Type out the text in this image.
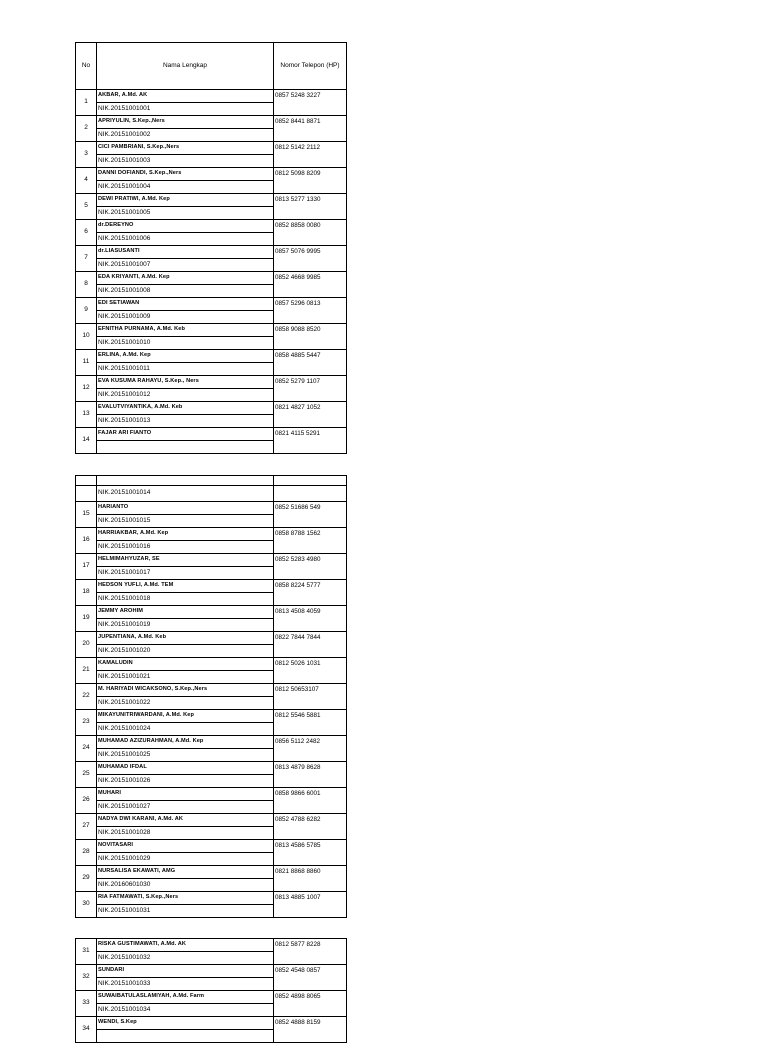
No	Nama Lengkap	Nomor Telepon (HP)
1	AKBAR, A.Md. AK	0857 5248 3227
	NIK.20151001001	
2	APRIYULIN, S.Kep.,Ners	0852 8441 8871
	NIK.20151001002	
3	CICI PAMBRIANI, S.Kep.,Ners	0812 5142 2112
	NIK.20151001003	
4	DANNI DOFIANDI, S.Kep.,Ners	0812 5098 8209
	NIK.20151001004	
5	DEWI PRATIWI, A.Md. Kep	0813 5277 1330
	NIK.20151001005	
6	dr.DEREYNO	0852 8858 0080
	NIK.20151001006	
7	dr.LIASUSANTI	0857 5076 9995
	NIK.20151001007	
8	EDA KRIYANTI, A.Md. Kep	0852 4668 9985
	NIK.20151001008	
9	EDI SETIAWAN	0857 5296 0813
	NIK.20151001009	
10	EFNITHA PURNAMA, A.Md. Keb	0858 9088 8520
	NIK.20151001010	
11	ERLINA, A.Md. Kep	0858 4885 5447
	NIK.20151001011	
12	EVA KUSUMA RAHAYU, S.Kep., Ners	0852 5279 1107
	NIK.20151001012	
13	EVALUTVIYANTIKA, A.Md. Keb	0821 4827 1052
	NIK.20151001013	
14	FAJAR ARI FIANTO	0821 4115 5291

	NIK.20151001014	
15	HARIANTO	0852 51686 549
	NIK.20151001015	
16	HARRIAKBAR, A.Md. Kep	0858 8788 1562
	NIK.20151001016	
17	HELMIMAHYUZAR, SE	0852 5283 4980
	NIK.20151001017	
18	HEDSON YUFLI, A.Md. TEM	0858 8224 5777
	NIK.20151001018	
19	JEMMY AROHIM	0813 4508 4059
	NIK.20151001019	
20	JUPENTIANA, A.Md. Keb	0822 7844 7844
	NIK.20151001020	
21	KAMALUDIN	0812 5026 1031
	NIK.20151001021	
22	M. HARIYADI WICAKSONO, S.Kep.,Ners	0812 50653107
	NIK.20151001022	
23	MIKAYUNITRIWARDANI, A.Md. Kep	0812 5546 5881
	NIK.20151001024	
24	MUHAMAD AZIZURAHMAN, A.Md. Kep	0856 5112 2482
	NIK.20151001025	
25	MUHAMAD IFDAL	0813 4879 8628
	NIK.20151001026	
26	MUHARI	0858 9866 6001
	NIK.20151001027	
27	NADYA DWI KARANI, A.Md. AK	0852 4788 6282
	NIK.20151001028	
28	NOVITASARI	0813 4586 5785
	NIK.20151001029	
29	NURSALISA EKAWATI, AMG	0821 8868 8860
	NIK.20160601030	
30	RIA FATMAWATI, S.Kep.,Ners	0813 4885 1007
	NIK.20151001031	
31	RISKA GUSTIMAWATI, A.Md. AK	0812 5877 8228
	NIK.20151001032	
32	SUNDARI	0852 4548 0857
	NIK.20151001033	
33	SUWAIBATULASLAMIYAH, A.Md. Farm	0852 4898 8065
	NIK.20151001034	
34	WENDI, S.Kep	0852 4888 8159
